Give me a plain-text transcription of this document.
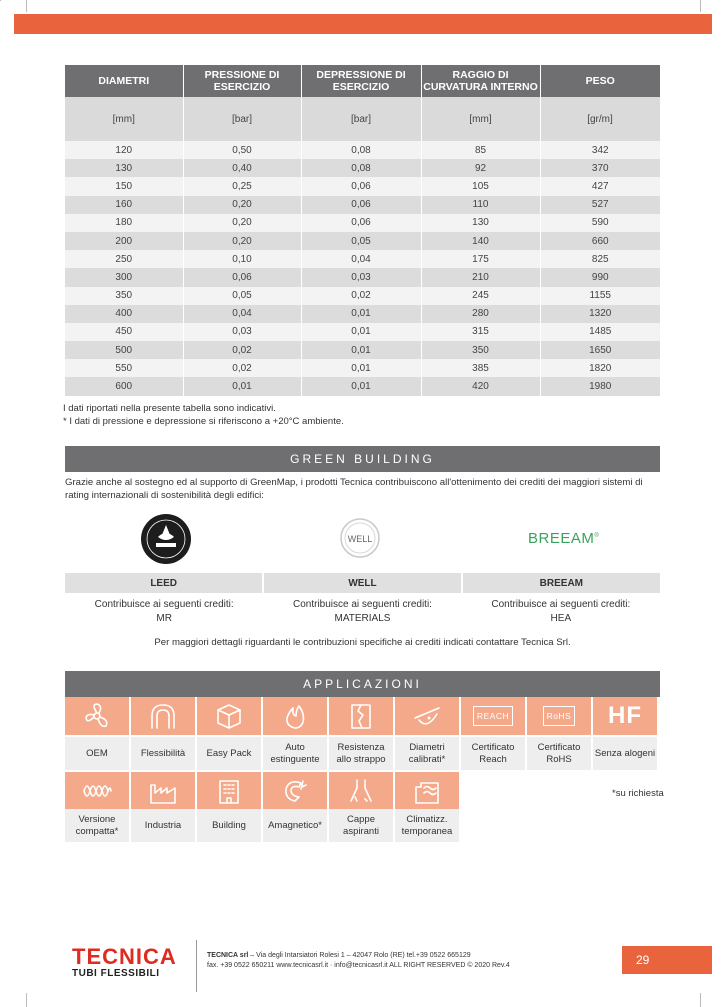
DIAMETRI	PRESSIONE DI ESERCIZIO	DEPRESSIONE DI ESERCIZIO	RAGGIO DI CURVATURA INTERNO	PESO
[mm]	[bar]	[bar]	[mm]	[gr/m]
120	0,50	0,08	85	342
130	0,40	0,08	92	370
150	0,25	0,06	105	427
160	0,20	0,06	110	527
180	0,20	0,06	130	590
200	0,20	0,05	140	660
250	0,10	0,04	175	825
300	0,06	0,03	210	990
350	0,05	0,02	245	1155
400	0,04	0,01	280	1320
450	0,03	0,01	315	1485
500	0,02	0,01	350	1650
550	0,02	0,01	385	1820
600	0,01	0,01	420	1980
I dati riportati nella presente tabella sono indicativi.
* I dati di pressione e depressione si riferiscono a +20°C ambiente.
GREEN BUILDING
Grazie anche al sostegno ed al supporto di GreenMap, i prodotti Tecnica contribuiscono all'ottenimento dei crediti dei maggiori sistemi di rating internazionali di sostenibilità degli edifici:
WELL	BREEAM®
LEED	WELL	BREEAM
Contribuisce ai seguenti crediti:	Contribuisce ai seguenti crediti:	Contribuisce ai seguenti crediti:
MR	MATERIALS	HEA
Per maggiori dettagli riguardanti le contribuzioni specifiche ai crediti indicati contattare Tecnica Srl.
APPLICAZIONI
OEM	Flessibilità	Easy Pack
Auto estinguente
Resistenza allo strappo
Diametri calibrati*
REACH
Certificato Reach
RoHS
Certificato RoHS
HF
Senza alogeni
Versione compatta*
Industria	Building	Amagnetico*
Cappe aspiranti
Climatizz. temporanea
*su richiesta
TECNICA
TUBI FLESSIBILI
TECNICA srl – Via degli Intarsiatori Rolesi 1 – 42047 Rolo (RE) tel.+39 0522 665129
fax. +39 0522 650211 www.tecnicasrl.it · info@tecnicasrl.it ALL RIGHT RESERVED © 2020 Rev.4	29
